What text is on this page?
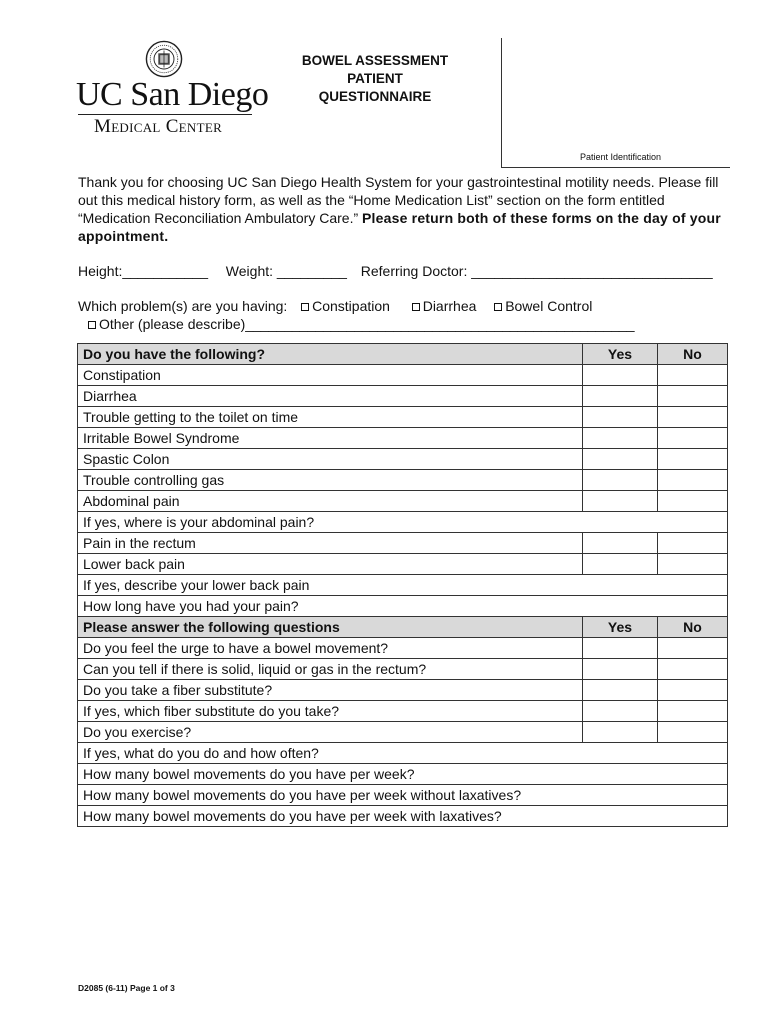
UC San Diego
Medical Center
BOWEL ASSESSMENT
PATIENT
QUESTIONNAIRE
Patient Identification
Thank you for choosing UC San Diego Health System for your gastrointestinal motility needs. Please fill out this medical history form, as well as the “Home Medication List” section on the form entitled “Medication Reconciliation Ambulatory Care.” Please return both of these forms on the day of your appointment.
Height:___________ Weight: _________ Referring Doctor: _______________________________
Which problem(s) are you having: Constipation Diarrhea Bowel Control
Other (please describe)__________________________________________________
Do you have the following?	Yes	No
Constipation		
Diarrhea		
Trouble getting to the toilet on time		
Irritable Bowel Syndrome		
Spastic Colon		
Trouble controlling gas		
Abdominal pain		
If yes, where is your abdominal pain?		
Pain in the rectum		
Lower back pain		
If yes, describe your lower back pain		
How long have you had your pain?		
Please answer the following questions	Yes	No
Do you feel the urge to have a bowel movement?		
Can you tell if there is solid, liquid or gas in the rectum?		
Do you take a fiber substitute?		
If yes, which fiber substitute do you take?		
Do you exercise?		
If yes, what do you do and how often?		
How many bowel movements do you have per week?		
How many bowel movements do you have per week without laxatives?		
How many bowel movements do you have per week with laxatives?		
D2085 (6-11) Page 1 of 3
